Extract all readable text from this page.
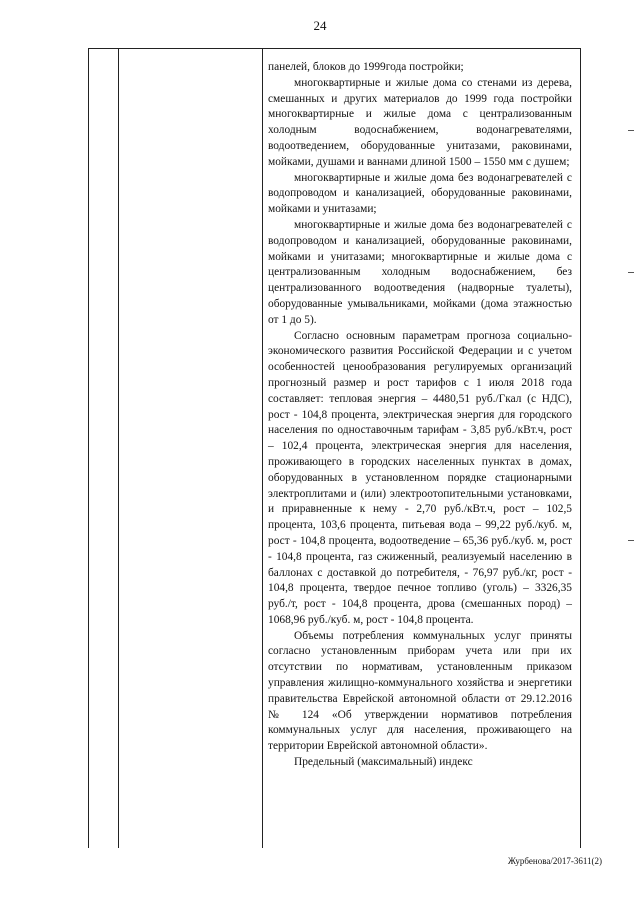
24

панелей, блоков до 1999года постройки;

многоквартирные и жилые дома со стенами из дерева, смешанных и других материалов до 1999 года постройки многоквартирные и жилые дома с централизованным холодным водоснабжением, водонагревателями, водоотведением, оборудованные унитазами, раковинами, мойками, душами и ваннами длиной 1500 – 1550 мм с душем;

многоквартирные и жилые дома без водонагревателей с водопроводом и канализацией, оборудованные раковинами, мойками и унитазами;

многоквартирные и жилые дома без водонагревателей с водопроводом и канализацией, оборудованные раковинами, мойками и унитазами; многоквартирные и жилые дома с централизованным холодным водоснабжением, без централизованного водоотведения (надворные туалеты), оборудованные умывальниками, мойками (дома этажностью от 1 до 5).

Согласно основным параметрам прогноза социально-экономического развития Российской Федерации и с учетом особенностей ценообразования регулируемых организаций прогнозный размер и рост тарифов с 1 июля 2018 года составляет: тепловая энергия – 4480,51 руб./Гкал (с НДС), рост - 104,8 процента, электрическая энергия для городского населения по одноставочным тарифам - 3,85 руб./кВт.ч, рост – 102,4 процента, электрическая энергия для населения, проживающего в городских населенных пунктах в домах, оборудованных в установленном порядке стационарными электроплитами и (или) электроотопительными установками, и приравненные к нему - 2,70 руб./кВт.ч, рост – 102,5 процента, 103,6 процента, питьевая вода – 99,22 руб./куб. м, рост - 104,8 процента, водоотведение – 65,36 руб./куб. м, рост - 104,8 процента, газ сжиженный, реализуемый населению в баллонах с доставкой до потребителя, - 76,97 руб./кг, рост - 104,8 процента, твердое печное топливо (уголь) – 3326,35 руб./т, рост - 104,8 процента, дрова (смешанных пород) – 1068,96 руб./куб. м, рост - 104,8 процента.

Объемы потребления коммунальных услуг приняты согласно установленным приборам учета или при их отсутствии по нормативам, установленным приказом управления жилищно-коммунального хозяйства и энергетики правительства Еврейской автономной области от 29.12.2016 № 124 «Об утверждении нормативов потребления коммунальных услуг для населения, проживающего на территории Еврейской автономной области».

Предельный (максимальный) индекс

Журбенова/2017-3611(2)
